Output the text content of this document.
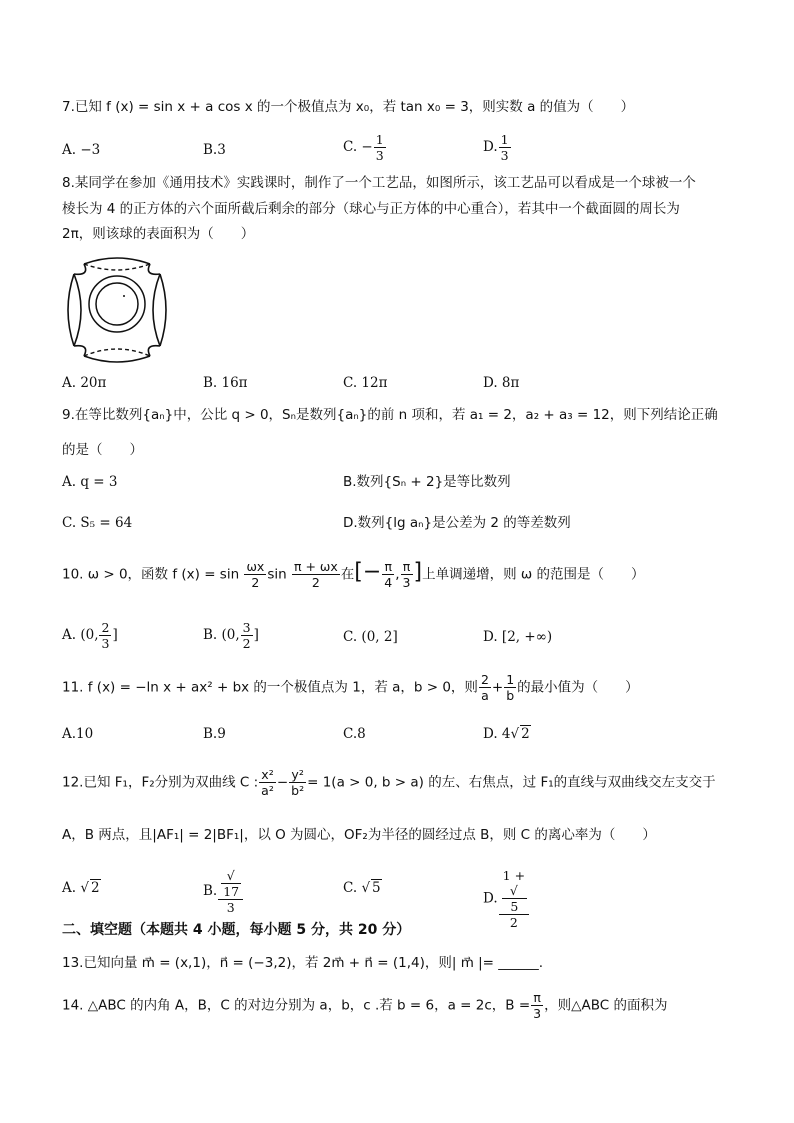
7.已知 f (x) = sin x + a cos x 的一个极值点为 x₀，若 tan x₀ = 3，则实数 a 的值为（　　）
A. −3	B.3	C. − $\frac{1}{3}$	D. $\frac{1}{3}$
8.某同学在参加《通用技术》实践课时，制作了一个工艺品，如图所示，该工艺品可以看成是一个球被一个
棱长为 4 的正方体的六个面所截后剩余的部分（球心与正方体的中心重合），若其中一个截面圆的周长为
2π，则该球的表面积为（　　）
A. 20π	B. 16π	C. 12π	D. 8π
9.在等比数列{aₙ}中，公比 q > 0，Sₙ是数列{aₙ}的前 n 项和，若 a₁ = 2，a₂ + a₃ = 12，则下列结论正确
的是（　　）
A. q = 3	B.数列{Sₙ + 2}是等比数列
C. S₅ = 64	D.数列{lg aₙ}是公差为 2 的等差数列
10. ω > 0，函数 f $(x) = \sin \frac{\omega x}{2}$ $\sin \frac{\pi + \omega x}{2}$ 在[− $\frac{\pi}{4}$ , $\frac{\pi}{3}$ ]上单调递增，则 ω 的范围是（　　）
A. (0, $\frac{2}{3}$ ]	B. (0, $\frac{3}{2}$ ]	C. (0, 2]	D. [2, +∞)
11. f (x) = −ln x + ax² + bx 的一个极值点为 1，若 a，b > 0，则 $\frac{2}{a} + \frac{1}{b}$ 的最小值为（　　）
A.10	B.9	C.8	D. 4√ 2
12.已知 F₁，F₂分别为双曲线 C : $\frac{\text{x²}}{\text{a²}} - \frac{\text{y²}}{\text{b²}} = 1(a > 0$, b > a) 的左、右焦点，过 F₁的直线与双曲线交左支交于
A，B 两点，且|AF₁| = 2|BF₁|，以 O 为圆心，OF₂为半径的圆经过点 B，则 C 的离心率为（　　）
A. √ 2	B. √
17
3	C. √ 5
D. 1 +
√
5
2
二、填空题（本题共 4 小题，每小题 5 分，共 20 分）
13.已知向量 m⃗ = (x,1)，n⃗ = (−3,2)，若 2m⃗ + n⃗ = (1,4)，则| m⃗ |= ______.
14. △ABC 的内角 A，B，C 的对边分别为 a，b，c .若 b = 6，a = 2c，$B = \frac{\pi}{3}$ ，则△ABC 的面积为
